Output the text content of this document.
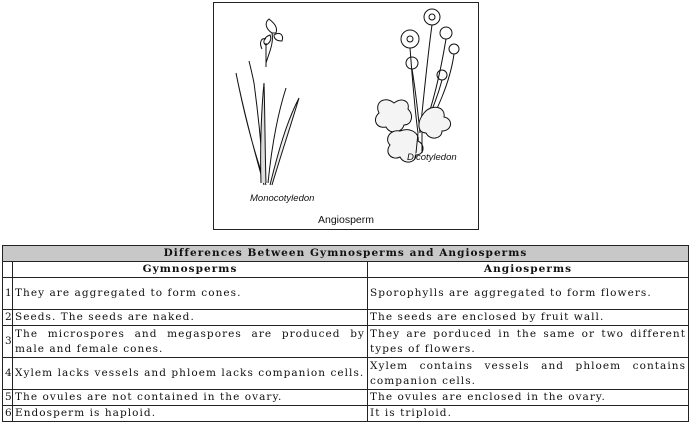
Monocotyledon
Dicotyledon
Angiosperm
Differences Between Gymnosperms and Angiosperms		
	Gymnosperms	Angiosperms
1	They are aggregated to form cones.	Sporophylls are aggregated to form flowers.
2	Seeds. The seeds are naked.	The seeds are enclosed by fruit wall.
3	The microspores and megaspores are produced by male and female cones.	They are porduced in the same or two different types of flowers.
4	Xylem lacks vessels and phloem lacks companion cells.	Xylem contains vessels and phloem contains companion cells.
5	The ovules are not contained in the ovary.	The ovules are enclosed in the ovary.
6	Endosperm is haploid.	It is triploid.
